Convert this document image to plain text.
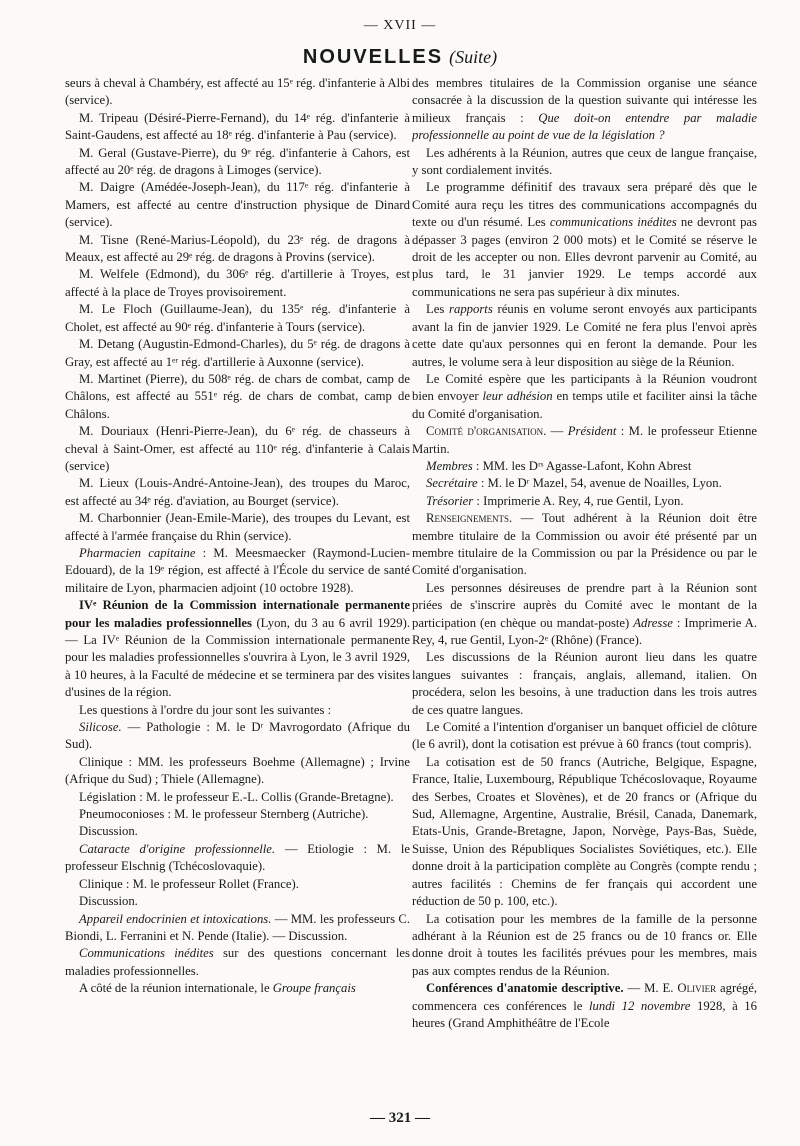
— XVII —
NOUVELLES (Suite)

seurs à cheval à Chambéry, est affecté au 15ᵉ rég. d'infanterie à Albi (service).

M. Tripeau (Désiré-Pierre-Fernand), du 14ᵉ rég. d'infanterie à Saint-Gaudens, est affecté au 18ᵉ rég. d'infanterie à Pau (service).

M. Geral (Gustave-Pierre), du 9ᵉ rég. d'infanterie à Cahors, est affecté au 20ᵉ rég. de dragons à Limoges (service).

M. Daigre (Amédée-Joseph-Jean), du 117ᵉ rég. d'infanterie à Mamers, est affecté au centre d'instruction physique de Dinard (service).

M. Tisne (René-Marius-Léopold), du 23ᵉ rég. de dragons à Meaux, est affecté au 29ᵉ rég. de dragons à Provins (service).

M. Welfele (Edmond), du 306ᵉ rég. d'artillerie à Troyes, est affecté à la place de Troyes provisoirement.

M. Le Floch (Guillaume-Jean), du 135ᵉ rég. d'infanterie à Cholet, est affecté au 90ᵉ rég. d'infanterie à Tours (service).

M. Detang (Augustin-Edmond-Charles), du 5ᵉ rég. de dragons à Gray, est affecté au 1ᵉʳ rég. d'artillerie à Auxonne (service).

M. Martinet (Pierre), du 508ᵉ rég. de chars de combat, camp de Châlons, est affecté au 551ᵉ rég. de chars de combat, camp de Châlons.

M. Douriaux (Henri-Pierre-Jean), du 6ᵉ rég. de chasseurs à cheval à Saint-Omer, est affecté au 110ᵉ rég. d'infanterie à Calais (service)

M. Lieux (Louis-André-Antoine-Jean), des troupes du Maroc, est affecté au 34ᵉ rég. d'aviation, au Bourget (service).

M. Charbonnier (Jean-Emile-Marie), des troupes du Levant, est affecté à l'armée française du Rhin (service).

Pharmacien capitaine : M. Meesmaecker (Raymond-Lucien-Edouard), de la 19ᵉ région, est affecté à l'École du service de santé militaire de Lyon, pharmacien adjoint (10 octobre 1928).

IVᵉ Réunion de la Commission internationale permanente pour les maladies professionnelles (Lyon, du 3 au 6 avril 1929). — La IVᵉ Réunion de la Commission internationale permanente pour les maladies professionnelles s'ouvrira à Lyon, le 3 avril 1929, à 10 heures, à la Faculté de médecine et se terminera par des visites d'usines de la région.

Les questions à l'ordre du jour sont les suivantes :

Silicose. — Pathologie : M. le Dʳ Mavrogordato (Afrique du Sud).

Clinique : MM. les professeurs Boehme (Allemagne) ; Irvine (Afrique du Sud) ; Thiele (Allemagne).

Législation : M. le professeur E.-L. Collis (Grande-Bretagne).

Pneumoconioses : M. le professeur Sternberg (Autriche).

Discussion.

Cataracte d'origine professionnelle. — Etiologie : M. le professeur Elschnig (Tchécoslovaquie).

Clinique : M. le professeur Rollet (France).

Discussion.

Appareil endocrinien et intoxications. — MM. les professeurs C. Biondi, L. Ferranini et N. Pende (Italie). — Discussion.

Communications inédites sur des questions concernant les maladies professionnelles.

A côté de la réunion internationale, le Groupe français

des membres titulaires de la Commission organise une séance consacrée à la discussion de la question suivante qui intéresse les milieux français : Que doit-on entendre par maladie professionnelle au point de vue de la législation ?

Les adhérents à la Réunion, autres que ceux de langue française, y sont cordialement invités.

Le programme définitif des travaux sera préparé dès que le Comité aura reçu les titres des communications accompagnés du texte ou d'un résumé. Les communications inédites ne devront pas dépasser 3 pages (environ 2 000 mots) et le Comité se réserve le droit de les accepter ou non. Elles devront parvenir au Comité, au plus tard, le 31 janvier 1929. Le temps accordé aux communications ne sera pas supérieur à dix minutes.

Les rapports réunis en volume seront envoyés aux participants avant la fin de janvier 1929. Le Comité ne fera plus l'envoi après cette date qu'aux personnes qui en feront la demande. Pour les autres, le volume sera à leur disposition au siège de la Réunion.

Le Comité espère que les participants à la Réunion voudront bien envoyer leur adhésion en temps utile et faciliter ainsi la tâche du Comité d'organisation.

Comité d'organisation. — Président : M. le professeur Etienne Martin.

Membres : MM. les Dʳˢ Agasse-Lafont, Kohn Abrest

Secrétaire : M. le Dʳ Mazel, 54, avenue de Noailles, Lyon.

Trésorier : Imprimerie A. Rey, 4, rue Gentil, Lyon.

Renseignements. — Tout adhérent à la Réunion doit être membre titulaire de la Commission ou avoir été présenté par un membre titulaire de la Commission ou par la Présidence ou par le Comité d'organisation.

Les personnes désireuses de prendre part à la Réunion sont priées de s'inscrire auprès du Comité avec le montant de la participation (en chèque ou mandat-poste) Adresse : Imprimerie A. Rey, 4, rue Gentil, Lyon-2ᵉ (Rhône) (France).

Les discussions de la Réunion auront lieu dans les quatre langues suivantes : français, anglais, allemand, italien. On procédera, selon les besoins, à une traduction dans les trois autres de ces quatre langues.

Le Comité a l'intention d'organiser un banquet officiel de clôture (le 6 avril), dont la cotisation est prévue à 60 francs (tout compris).

La cotisation est de 50 francs (Autriche, Belgique, Espagne, France, Italie, Luxembourg, République Tchécoslovaque, Royaume des Serbes, Croates et Slovènes), et de 20 francs or (Afrique du Sud, Allemagne, Argentine, Australie, Brésil, Canada, Danemark, Etats-Unis, Grande-Bretagne, Japon, Norvège, Pays-Bas, Suède, Suisse, Union des Républiques Socialistes Soviétiques, etc.). Elle donne droit à la participation complète au Congrès (compte rendu ; autres facilités : Chemins de fer français qui accordent une réduction de 50 p. 100, etc.).

La cotisation pour les membres de la famille de la personne adhérant à la Réunion est de 25 francs ou de 10 francs or. Elle donne droit à toutes les facilités prévues pour les membres, mais pas aux comptes rendus de la Réunion.

Conférences d'anatomie descriptive. — M. E. Olivier agrégé, commencera ces conférences le lundi 12 novembre 1928, à 16 heures (Grand Amphithéâtre de l'Ecole

— 321 —
